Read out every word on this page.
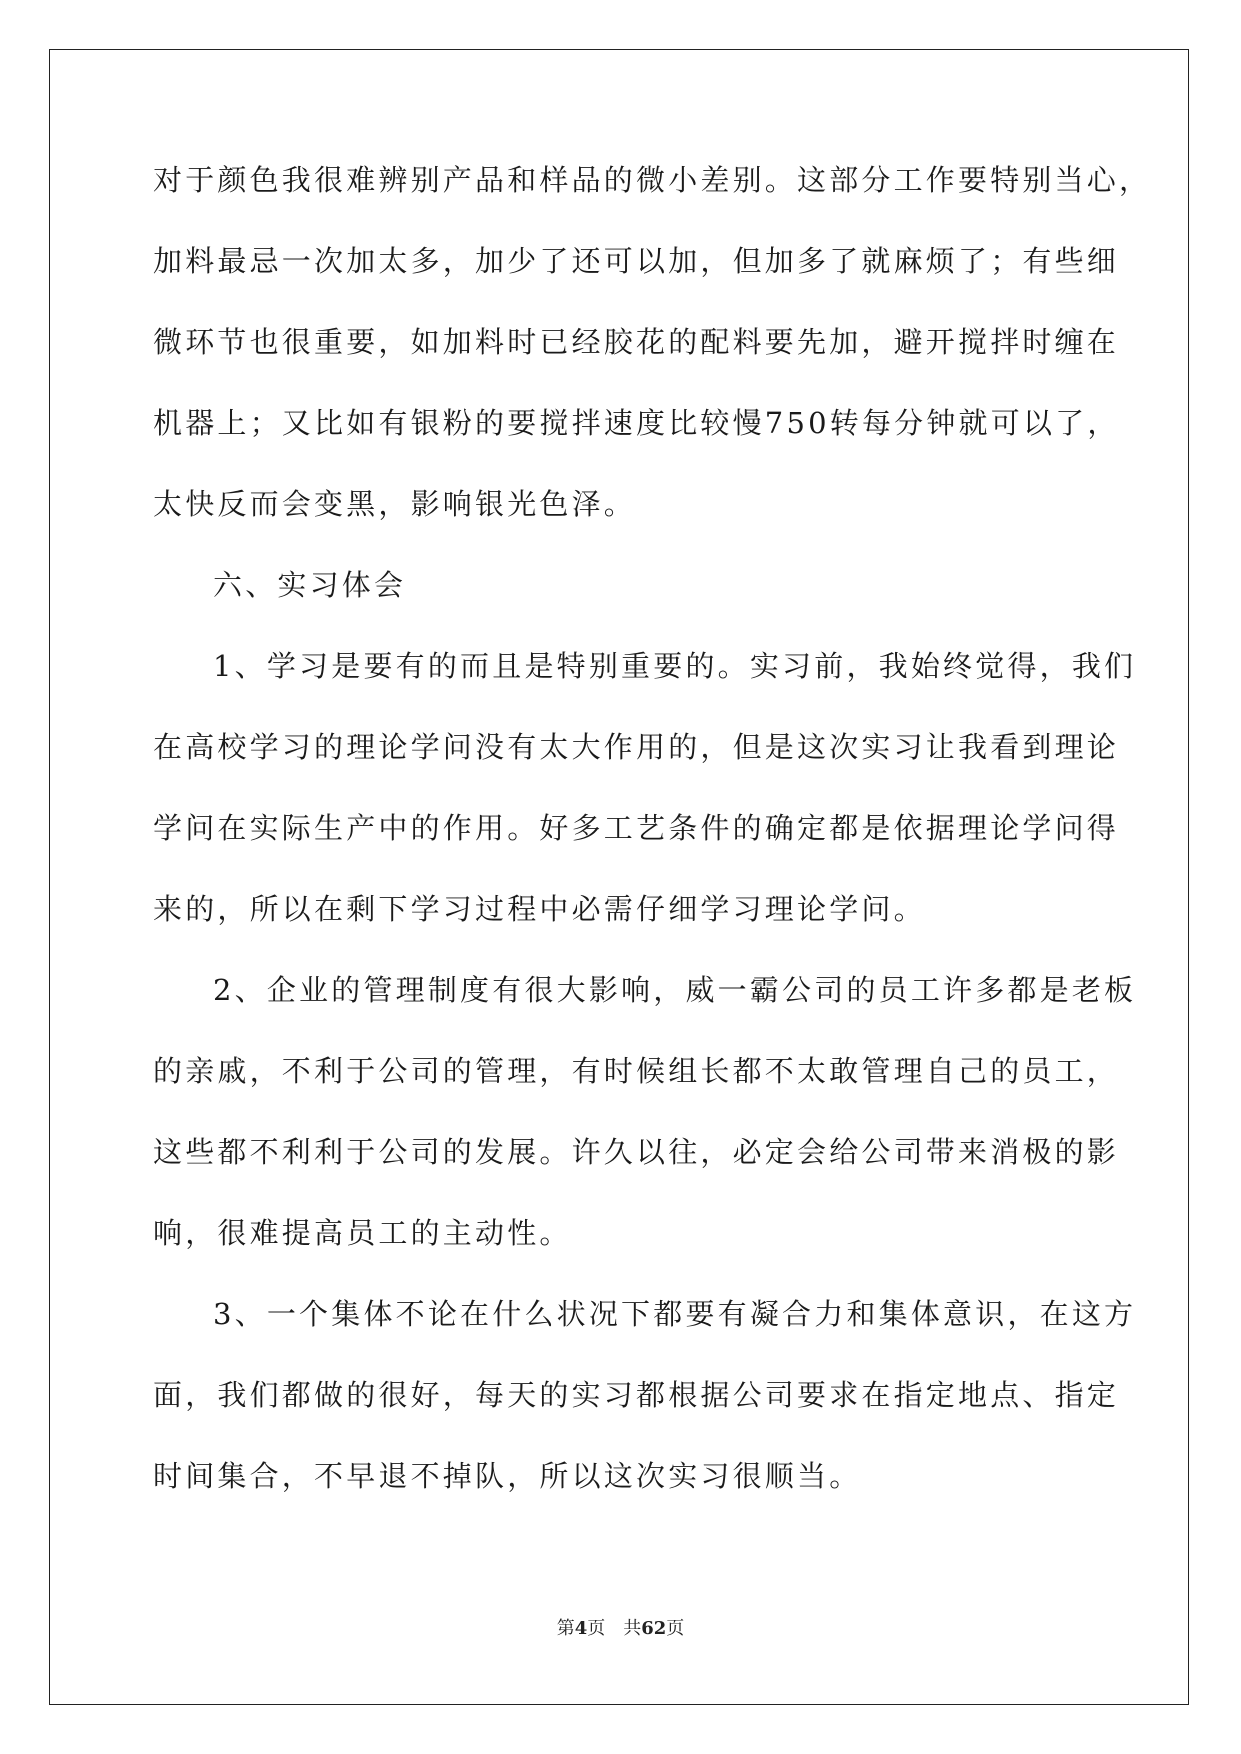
对于颜色我很难辨别产品和样品的微小差别。这部分工作要特别当心，
加料最忌一次加太多，加少了还可以加，但加多了就麻烦了；有些细
微环节也很重要，如加料时已经胶花的配料要先加，避开搅拌时缠在
机器上；又比如有银粉的要搅拌速度比较慢750转每分钟就可以了，
太快反而会变黑，影响银光色泽。
六、实习体会
1、学习是要有的而且是特别重要的。实习前，我始终觉得，我们
在高校学习的理论学问没有太大作用的，但是这次实习让我看到理论
学问在实际生产中的作用。好多工艺条件的确定都是依据理论学问得
来的，所以在剩下学习过程中必需仔细学习理论学问。
2、企业的管理制度有很大影响，威一霸公司的员工许多都是老板
的亲戚，不利于公司的管理，有时候组长都不太敢管理自己的员工，
这些都不利利于公司的发展。许久以往，必定会给公司带来消极的影
响，很难提高员工的主动性。
3、一个集体不论在什么状况下都要有凝合力和集体意识，在这方
面，我们都做的很好，每天的实习都根据公司要求在指定地点、指定
时间集合，不早退不掉队，所以这次实习很顺当。
第4页 共62页
